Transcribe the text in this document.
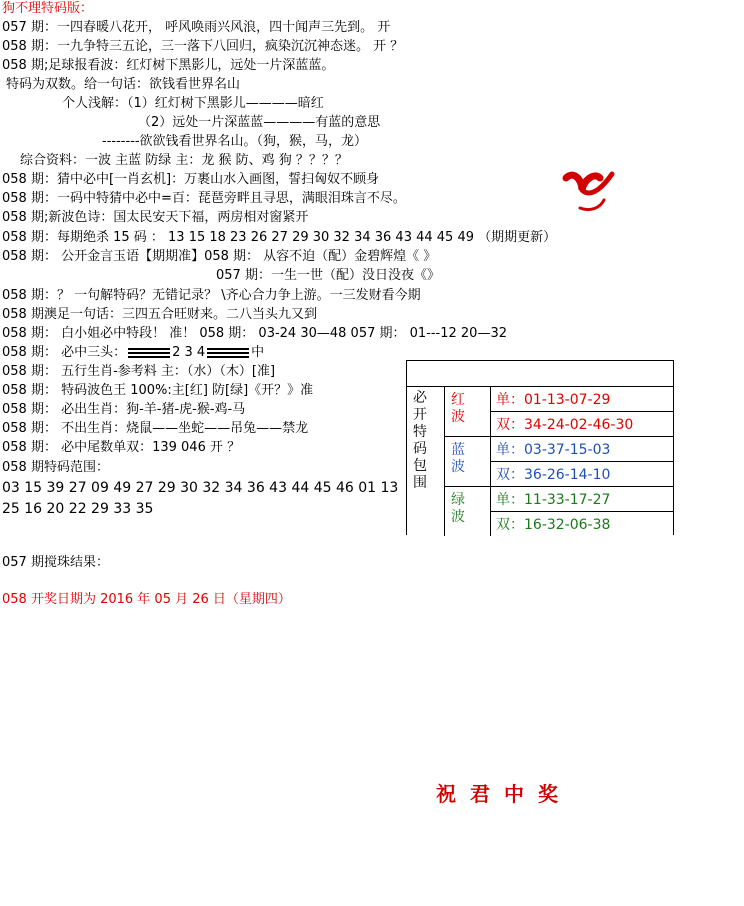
狗不理特码版：
057 期：一四春暖八花开， 呼风唤雨兴风浪，四十闻声三先到。 开
058 期：一九争特三五论，三一落下八回归，疯染沉沉神态迷。 开 ？
058 期;足球报看波：红灯树下黑影儿，远处一片深蓝蓝。
特码为双数。给一句话：欲钱看世界名山
个人浅解：（1）红灯树下黑影儿————暗红
（2）远处一片深蓝蓝————有蓝的意思
--------欲欲钱看世界名山。（狗，猴，马，龙）
综合资料：一波 主蓝 防绿 主：龙 猴 防、鸡 狗 ？？？？
058 期：猜中必中[一肖玄机]：万裹山水入画图，誓扫匈奴不顾身
058 期：一码中特猜中必中=百：琵琶旁畔且寻思，满眼泪珠言不尽。
058 期;新波色诗：国太民安天下福，两房相对窗紧开
058 期：每期绝杀 15 码 ： 13 15 18 23 26 27 29 30 32 34 36 43 44 45 49 （期期更新）
058 期： 公开金言玉语【期期准】058 期： 从容不迫（配）金碧辉煌《 》
057 期：一生一世（配）没日没夜《》
058 期：？ 一句解特码？无错记录？ \齐心合力争上游。一三发财看今期
058 期澳足一句话：三四五合旺财来。二八当头九又到
058 期： 白小姐必中特段！ 准！ 058 期： 03-24 30—48 057 期： 01---12 20—32
058 期： 必中三头：	2 3 4	中
058 期： 五行生肖-参考料 主：（水）（木）[准]
058 期： 特码波色王 100%:主[红] 防[绿]《开？》准
058 期： 必出生肖：狗-羊-猪-虎-猴-鸡-马
058 期： 不出生肖：烧鼠——坐蛇——吊兔——禁龙
058 期： 必中尾数单双：139 046 开 ？
058 期特码范围：
03 15 39 27 09 49 27 29 30 32 34 36 43 44 45 46 01 13 25 16 20 22 29 33 35
必开特码包围
红波
单：01-13-07-29
双：34-24-02-46-30
蓝波
单：03-37-15-03
双：36-26-14-10
绿波
单：11-33-17-27
双：16-32-06-38
057 期搅珠结果：
058 开奖日期为 2016 年 05 月 26 日（星期四）
祝君中奖
